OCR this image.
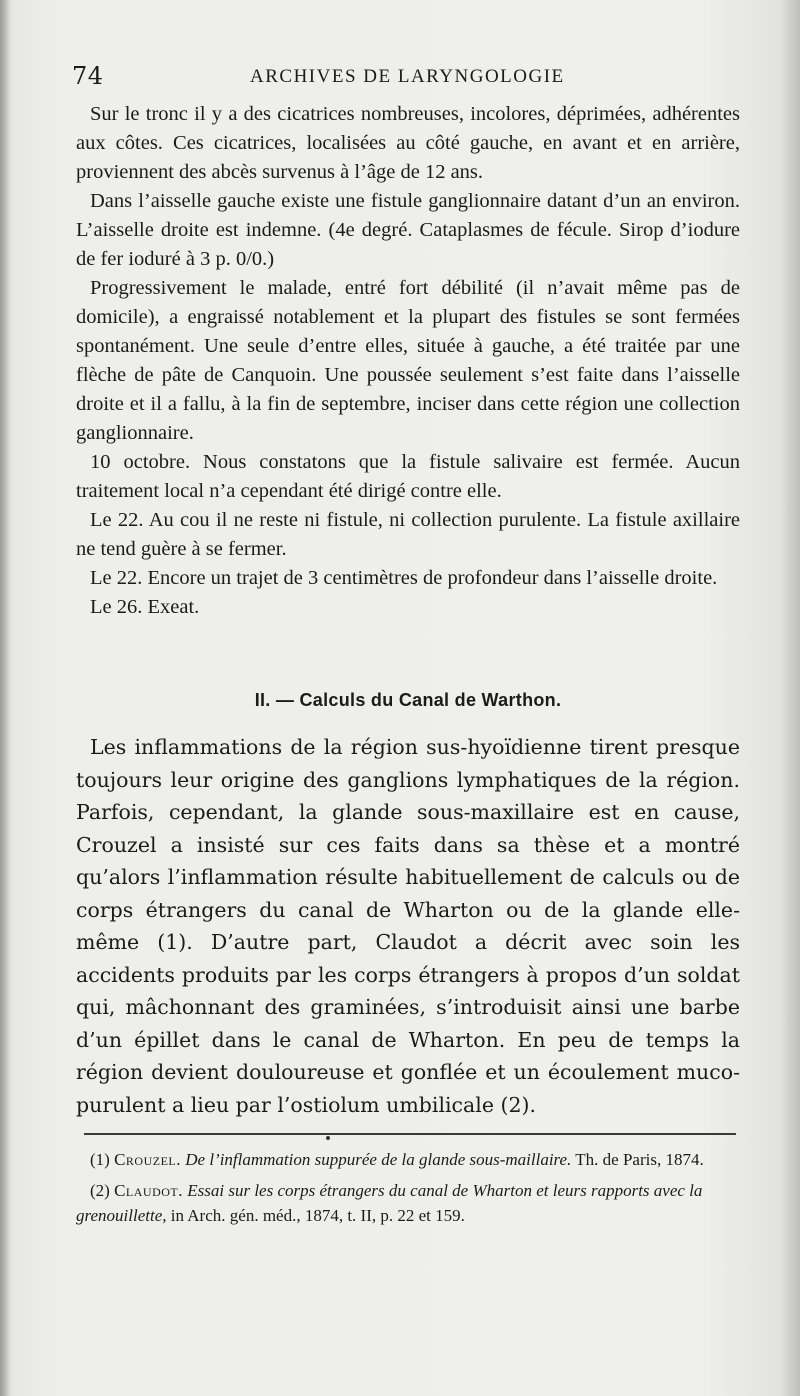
74	ARCHIVES DE LARYNGOLOGIE

Sur le tronc il y a des cicatrices nombreuses, incolores, déprimées, adhérentes aux côtes. Ces cicatrices, localisées au côté gauche, en avant et en arrière, proviennent des abcès survenus à l’âge de 12 ans.

Dans l’aisselle gauche existe une fistule ganglionnaire datant d’un an environ. L’aisselle droite est indemne. (4e degré. Cataplasmes de fécule. Sirop d’iodure de fer ioduré à 3 p. 0/0.)

Progressivement le malade, entré fort débilité (il n’avait même pas de domicile), a engraissé notablement et la plupart des fistules se sont fermées spontanément. Une seule d’entre elles, située à gauche, a été traitée par une flèche de pâte de Canquoin. Une poussée seulement s’est faite dans l’aisselle droite et il a fallu, à la fin de septembre, inciser dans cette région une collection ganglionnaire.

10 octobre. Nous constatons que la fistule salivaire est fermée. Aucun traitement local n’a cependant été dirigé contre elle.

Le 22. Au cou il ne reste ni fistule, ni collection purulente. La fistule axillaire ne tend guère à se fermer.

Le 22. Encore un trajet de 3 centimètres de profondeur dans l’aisselle droite.

Le 26. Exeat.

II. — Calculs du Canal de Warthon.

Les inflammations de la région sus-hyoïdienne tirent presque toujours leur origine des ganglions lymphatiques de la région. Parfois, cependant, la glande sous-maxillaire est en cause, Crouzel a insisté sur ces faits dans sa thèse et a montré qu’alors l’inflammation résulte habituellement de calculs ou de corps étrangers du canal de Wharton ou de la glande elle-même (1). D’autre part, Claudot a décrit avec soin les accidents produits par les corps étrangers à propos d’un soldat qui, mâchonnant des graminées, s’introduisit ainsi une barbe d’un épillet dans le canal de Wharton. En peu de temps la région devient douloureuse et gonflée et un écoulement muco-purulent a lieu par l’ostiolum umbilicale (2).

(1) Crouzel. De l’inflammation suppurée de la glande sous-maillaire. Th. de Paris, 1874.

(2) Claudot. Essai sur les corps étrangers du canal de Wharton et leurs rapports avec la grenouillette, in Arch. gén. méd., 1874, t. II, p. 22 et 159.
